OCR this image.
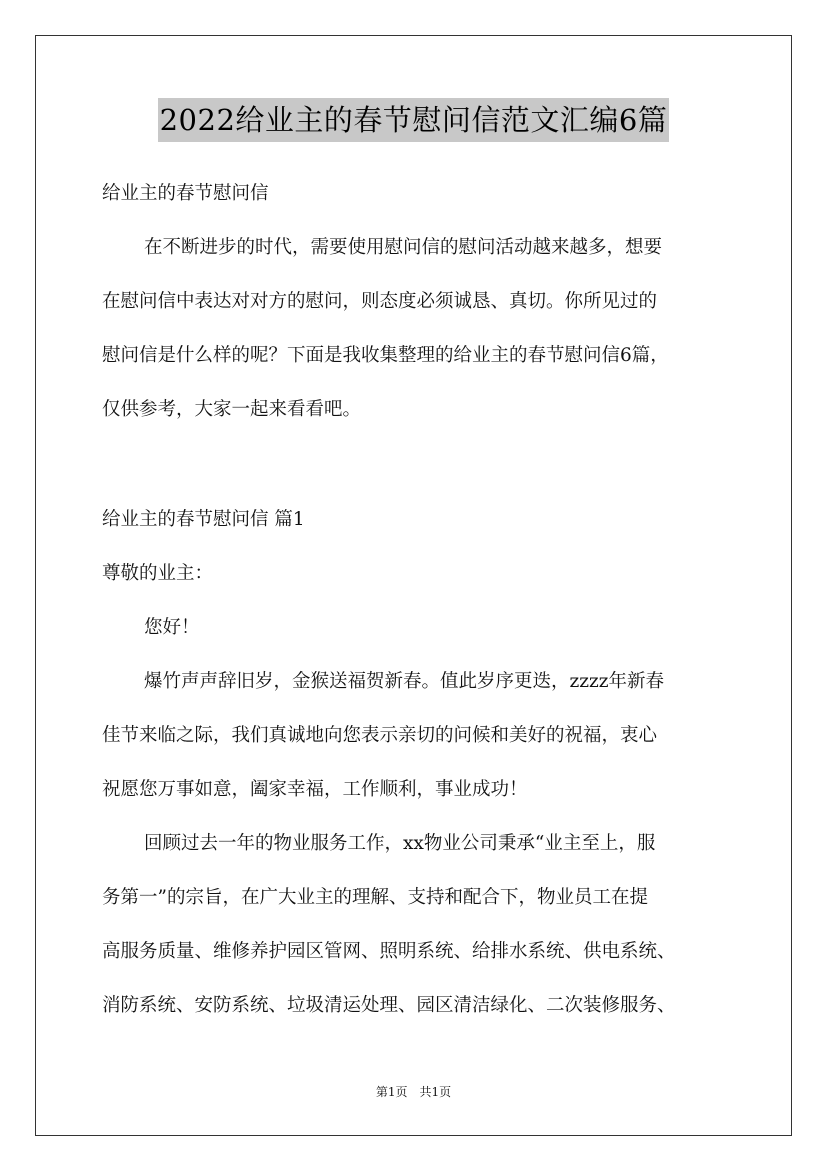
2022给业主的春节慰问信范文汇编6篇
给业主的春节慰问信
在不断进步的时代，需要使用慰问信的慰问活动越来越多，想要
在慰问信中表达对对方的慰问，则态度必须诚恳、真切。你所见过的
慰问信是什么样的呢？下面是我收集整理的给业主的春节慰问信6篇，
仅供参考，大家一起来看看吧。
给业主的春节慰问信 篇1
尊敬的业主：
您好！
爆竹声声辞旧岁，金猴送福贺新春。值此岁序更迭，zzzz年新春
佳节来临之际，我们真诚地向您表示亲切的问候和美好的祝福，衷心
祝愿您万事如意，阖家幸福，工作顺利，事业成功！
回顾过去一年的物业服务工作，xx物业公司秉承“业主至上，服
务第一”的宗旨，在广大业主的理解、支持和配合下，物业员工在提
高服务质量、维修养护园区管网、照明系统、给排水系统、供电系统、
消防系统、安防系统、垃圾清运处理、园区清洁绿化、二次装修服务、
第1页　共1页
